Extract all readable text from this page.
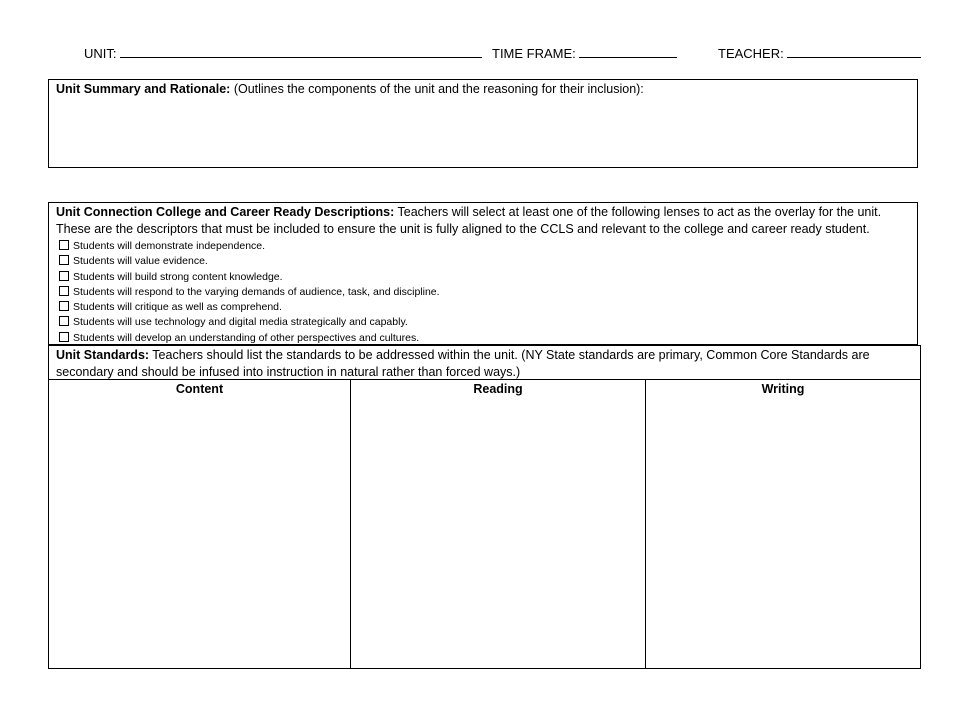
UNIT:	TIME FRAME:	TEACHER:
Unit Summary and Rationale: (Outlines the components of the unit and the reasoning for their inclusion):
Unit Connection College and Career Ready Descriptions: Teachers will select at least one of the following lenses to act as the overlay for the unit. These are the descriptors that must be included to ensure the unit is fully aligned to the CCLS and relevant to the college and career ready student.
Students will demonstrate independence.
Students will value evidence.
Students will build strong content knowledge.
Students will respond to the varying demands of audience, task, and discipline.
Students will critique as well as comprehend.
Students will use technology and digital media strategically and capably.
Students will develop an understanding of other perspectives and cultures.
Unit Standards: Teachers should list the standards to be addressed within the unit. (NY State standards are primary, Common Core Standards are secondary and should be infused into instruction in natural rather than forced ways.)
Content	Reading	Writing
